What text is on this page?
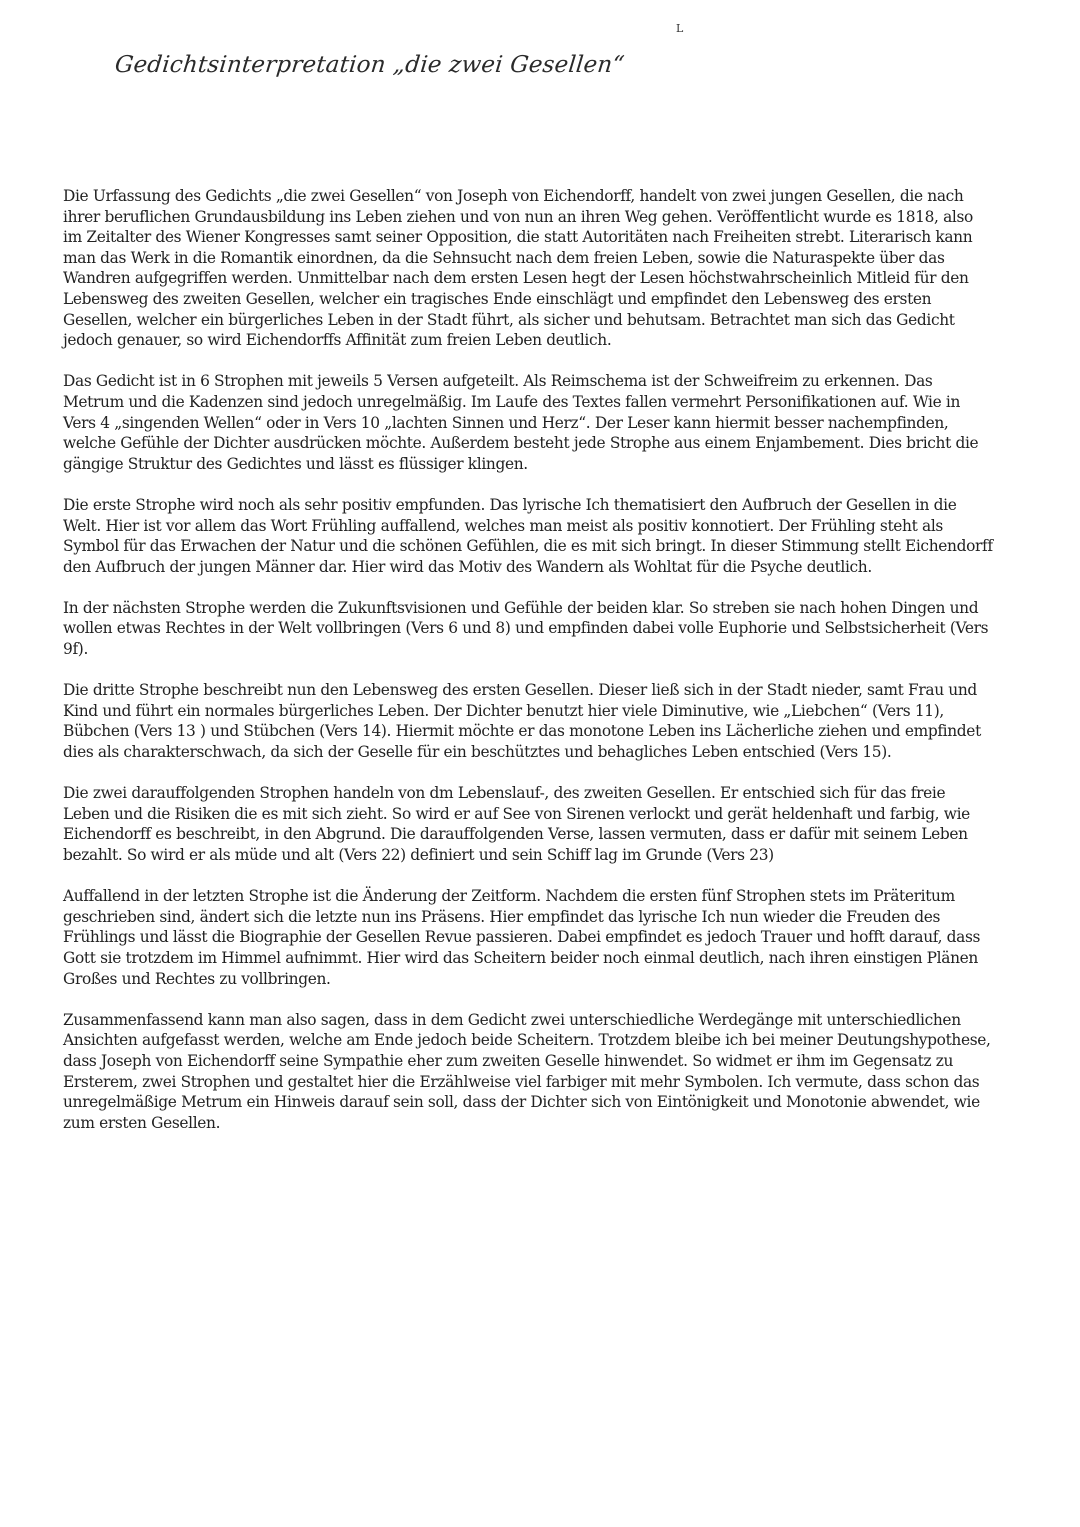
L
Gedichtsinterpretation „die zwei Gesellen“

Die Urfassung des Gedichts „die zwei Gesellen“ von Joseph von Eichendorff, handelt von zwei jungen Gesellen, die nach ihrer beruflichen Grundausbildung ins Leben ziehen und von nun an ihren Weg gehen. Veröffentlicht wurde es 1818, also im Zeitalter des Wiener Kongresses samt seiner Opposition, die statt Autoritäten nach Freiheiten strebt. Literarisch kann man das Werk in die Romantik einordnen, da die Sehnsucht nach dem freien Leben, sowie die Naturaspekte über das Wandren aufgegriffen werden. Unmittelbar nach dem ersten Lesen hegt der Lesen höchstwahrscheinlich Mitleid für den Lebensweg des zweiten Gesellen, welcher ein tragisches Ende einschlägt und empfindet den Lebensweg des ersten Gesellen, welcher ein bürgerliches Leben in der Stadt führt, als sicher und behutsam. Betrachtet man sich das Gedicht jedoch genauer, so wird Eichendorffs Affinität zum freien Leben deutlich.

Das Gedicht ist in 6 Strophen mit jeweils 5 Versen aufgeteilt. Als Reimschema ist der Schweifreim zu erkennen. Das Metrum und die Kadenzen sind jedoch unregelmäßig. Im Laufe des Textes fallen vermehrt Personifikationen auf. Wie in Vers 4 „singenden Wellen“ oder in Vers 10 „lachten Sinnen und Herz“. Der Leser kann hiermit besser nachempfinden, welche Gefühle der Dichter ausdrücken möchte. Außerdem besteht jede Strophe aus einem Enjambement. Dies bricht die gängige Struktur des Gedichtes und lässt es flüssiger klingen.

Die erste Strophe wird noch als sehr positiv empfunden. Das lyrische Ich thematisiert den Aufbruch der Gesellen in die Welt. Hier ist vor allem das Wort Frühling auffallend, welches man meist als positiv konnotiert. Der Frühling steht als Symbol für das Erwachen der Natur und die schönen Gefühlen, die es mit sich bringt. In dieser Stimmung stellt Eichendorff den Aufbruch der jungen Männer dar. Hier wird das Motiv des Wandern als Wohltat für die Psyche deutlich.

In der nächsten Strophe werden die Zukunftsvisionen und Gefühle der beiden klar. So streben sie nach hohen Dingen und wollen etwas Rechtes in der Welt vollbringen (Vers 6 und 8) und empfinden dabei volle Euphorie und Selbstsicherheit (Vers 9f).

Die dritte Strophe beschreibt nun den Lebensweg des ersten Gesellen. Dieser ließ sich in der Stadt nieder, samt Frau und Kind und führt ein normales bürgerliches Leben. Der Dichter benutzt hier viele Diminutive, wie „Liebchen“ (Vers 11), Bübchen (Vers 13 ) und Stübchen (Vers 14). Hiermit möchte er das monotone Leben ins Lächerliche ziehen und empfindet dies als charakterschwach, da sich der Geselle für ein beschütztes und behagliches Leben entschied (Vers 15).

Die zwei darauffolgenden Strophen handeln von dm Lebenslauf-, des zweiten Gesellen. Er entschied sich für das freie Leben und die Risiken die es mit sich zieht. So wird er auf See von Sirenen verlockt und gerät heldenhaft und farbig, wie Eichendorff es beschreibt, in den Abgrund. Die darauffolgenden Verse, lassen vermuten, dass er dafür mit seinem Leben bezahlt. So wird er als müde und alt (Vers 22) definiert und sein Schiff lag im Grunde (Vers 23)

Auffallend in der letzten Strophe ist die Änderung der Zeitform. Nachdem die ersten fünf Strophen stets im Präteritum geschrieben sind, ändert sich die letzte nun ins Präsens. Hier empfindet das lyrische Ich nun wieder die Freuden des Frühlings und lässt die Biographie der Gesellen Revue passieren. Dabei empfindet es jedoch Trauer und hofft darauf, dass Gott sie trotzdem im Himmel aufnimmt. Hier wird das Scheitern beider noch einmal deutlich, nach ihren einstigen Plänen Großes und Rechtes zu vollbringen.

Zusammenfassend kann man also sagen, dass in dem Gedicht zwei unterschiedliche Werdegänge mit unterschiedlichen Ansichten aufgefasst werden, welche am Ende jedoch beide Scheitern. Trotzdem bleibe ich bei meiner Deutungshypothese, dass Joseph von Eichendorff seine Sympathie eher zum zweiten Geselle hinwendet. So widmet er ihm im Gegensatz zu Ersterem, zwei Strophen und gestaltet hier die Erzählweise viel farbiger mit mehr Symbolen. Ich vermute, dass schon das unregelmäßige Metrum ein Hinweis darauf sein soll, dass der Dichter sich von Eintönigkeit und Monotonie abwendet, wie zum ersten Gesellen.
